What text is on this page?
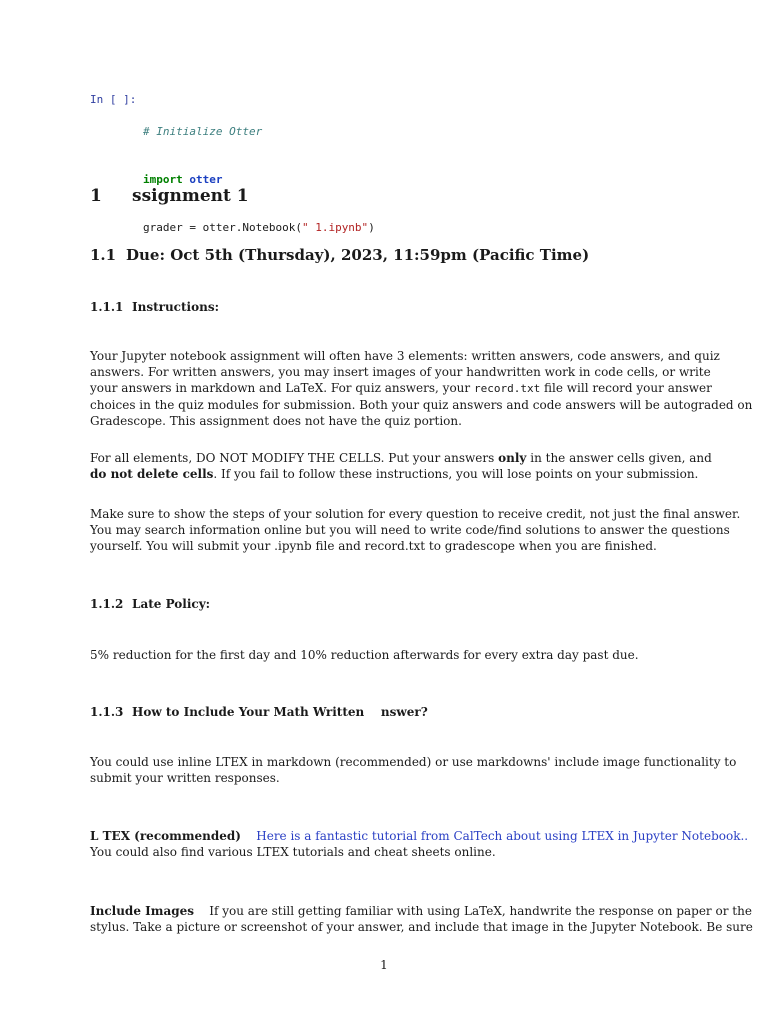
In [ ]:

# Initialize Otter

import otter

grader = otter.Notebook(" 1.ipynb")

1 ssignment 1
1.1 Due: Oct 5th (Thursday), 2023, 11:59pm (Pacific Time)
1.1.1 Instructions:
Your Jupyter notebook assignment will often have 3 elements: written answers, code answers, and quiz
answers. For written answers, you may insert images of your handwritten work in code cells, or write
your answers in markdown and LaTeX. For quiz answers, your record.txt file will record your answer
choices in the quiz modules for submission. Both your quiz answers and code answers will be autograded on
Gradescope. This assignment does not have the quiz portion.
For all elements, DO NOT MODIFY THE CELLS. Put your answers only in the answer cells given, and
do not delete cells. If you fail to follow these instructions, you will lose points on your submission.
Make sure to show the steps of your solution for every question to receive credit, not just the final answer.
You may search information online but you will need to write code/find solutions to answer the questions
yourself. You will submit your .ipynb file and record.txt to gradescope when you are finished.
1.1.2 Late Policy:
5% reduction for the first day and 10% reduction afterwards for every extra day past due.
1.1.3 How to Include Your Math Written    nswer?
You could use inline LTEX in markdown (recommended) or use markdowns' include image functionality to
submit your written responses.
L TEX (recommended) Here is a fantastic tutorial from CalTech about using LTEX in Jupyter Notebook..
You could also find various LTEX tutorials and cheat sheets online.
Include Images If you are still getting familiar with using LaTeX, handwrite the response on paper or the
stylus. Take a picture or screenshot of your answer, and include that image in the Jupyter Notebook. Be sure
1
